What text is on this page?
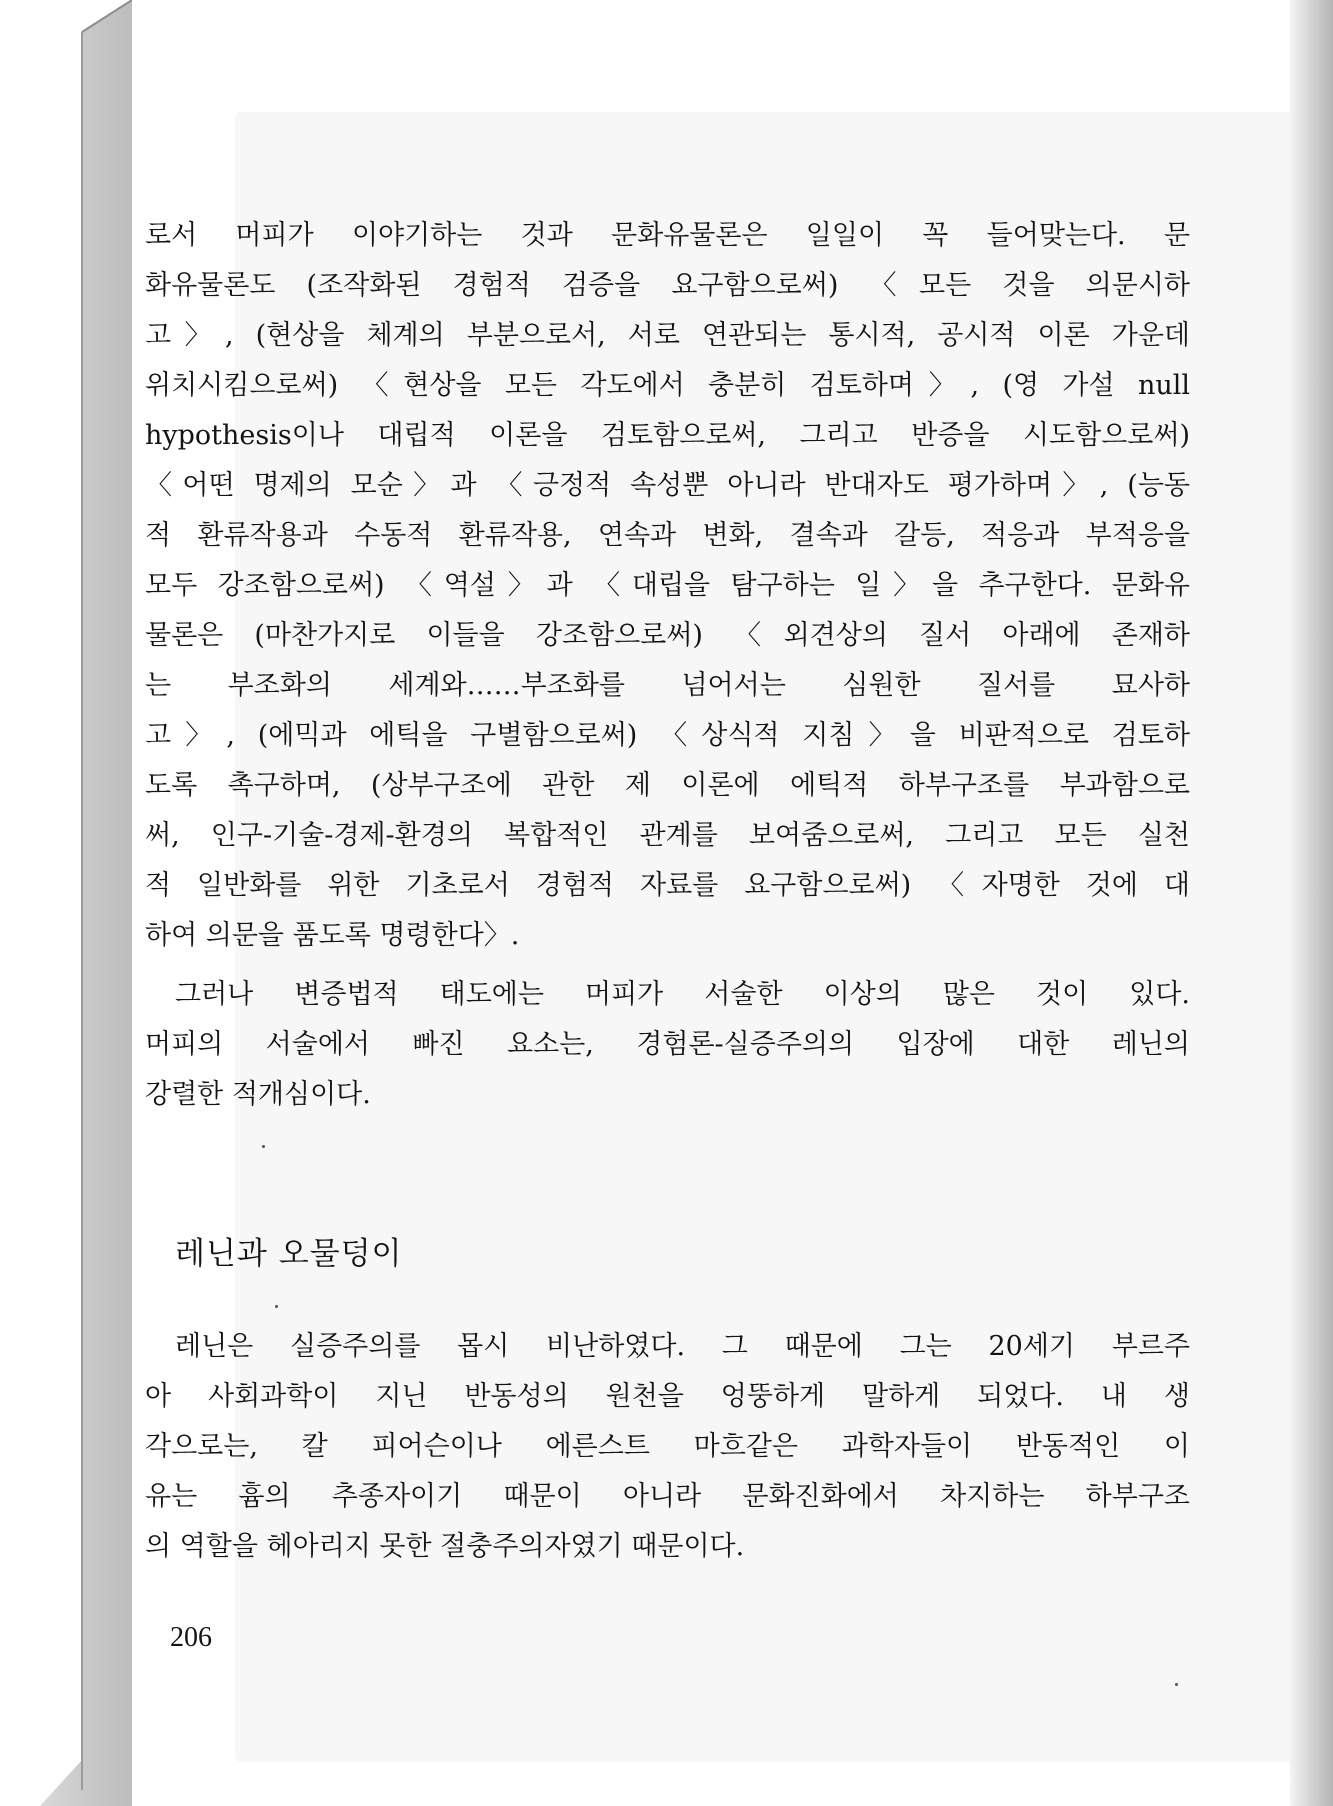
로서 머피가 이야기하는 것과 문화유물론은 일일이 꼭 들어맞는다. 문
화유물론도 (조작화된 경험적 검증을 요구함으로써) 〈모든 것을 의문시하
고〉, (현상을 체계의 부분으로서, 서로 연관되는 통시적, 공시적 이론 가운데
위치시킴으로써) 〈현상을 모든 각도에서 충분히 검토하며〉, (영 가설 null
hypothesis이나 대립적 이론을 검토함으로써, 그리고 반증을 시도함으로써)
〈어떤 명제의 모순〉과 〈긍정적 속성뿐 아니라 반대자도 평가하며〉, (능동
적 환류작용과 수동적 환류작용, 연속과 변화, 결속과 갈등, 적응과 부적응을
모두 강조함으로써) 〈역설〉과 〈대립을 탐구하는 일〉을 추구한다. 문화유
물론은 (마찬가지로 이들을 강조함으로써) 〈외견상의 질서 아래에 존재하
는 부조화의 세계와……부조화를 넘어서는 심원한 질서를 묘사하
고〉, (에믹과 에틱을 구별함으로써) 〈상식적 지침〉을 비판적으로 검토하
도록 촉구하며, (상부구조에 관한 제 이론에 에틱적 하부구조를 부과함으로
써, 인구-기술-경제-환경의 복합적인 관계를 보여줌으로써, 그리고 모든 실천
적 일반화를 위한 기초로서 경험적 자료를 요구함으로써) 〈자명한 것에 대
하여 의문을 품도록 명령한다〉.
그러나 변증법적 태도에는 머피가 서술한 이상의 많은 것이 있다.
머피의 서술에서 빠진 요소는, 경험론-실증주의의 입장에 대한 레닌의
강렬한 적개심이다.
레닌과 오물덩이
레닌은 실증주의를 몹시 비난하였다. 그 때문에 그는 20세기 부르주
아 사회과학이 지닌 반동성의 원천을 엉뚱하게 말하게 되었다. 내 생
각으로는, 칼 피어슨이나 에른스트 마흐같은 과학자들이 반동적인 이
유는 흄의 추종자이기 때문이 아니라 문화진화에서 차지하는 하부구조
의 역할을 헤아리지 못한 절충주의자였기 때문이다.
206
